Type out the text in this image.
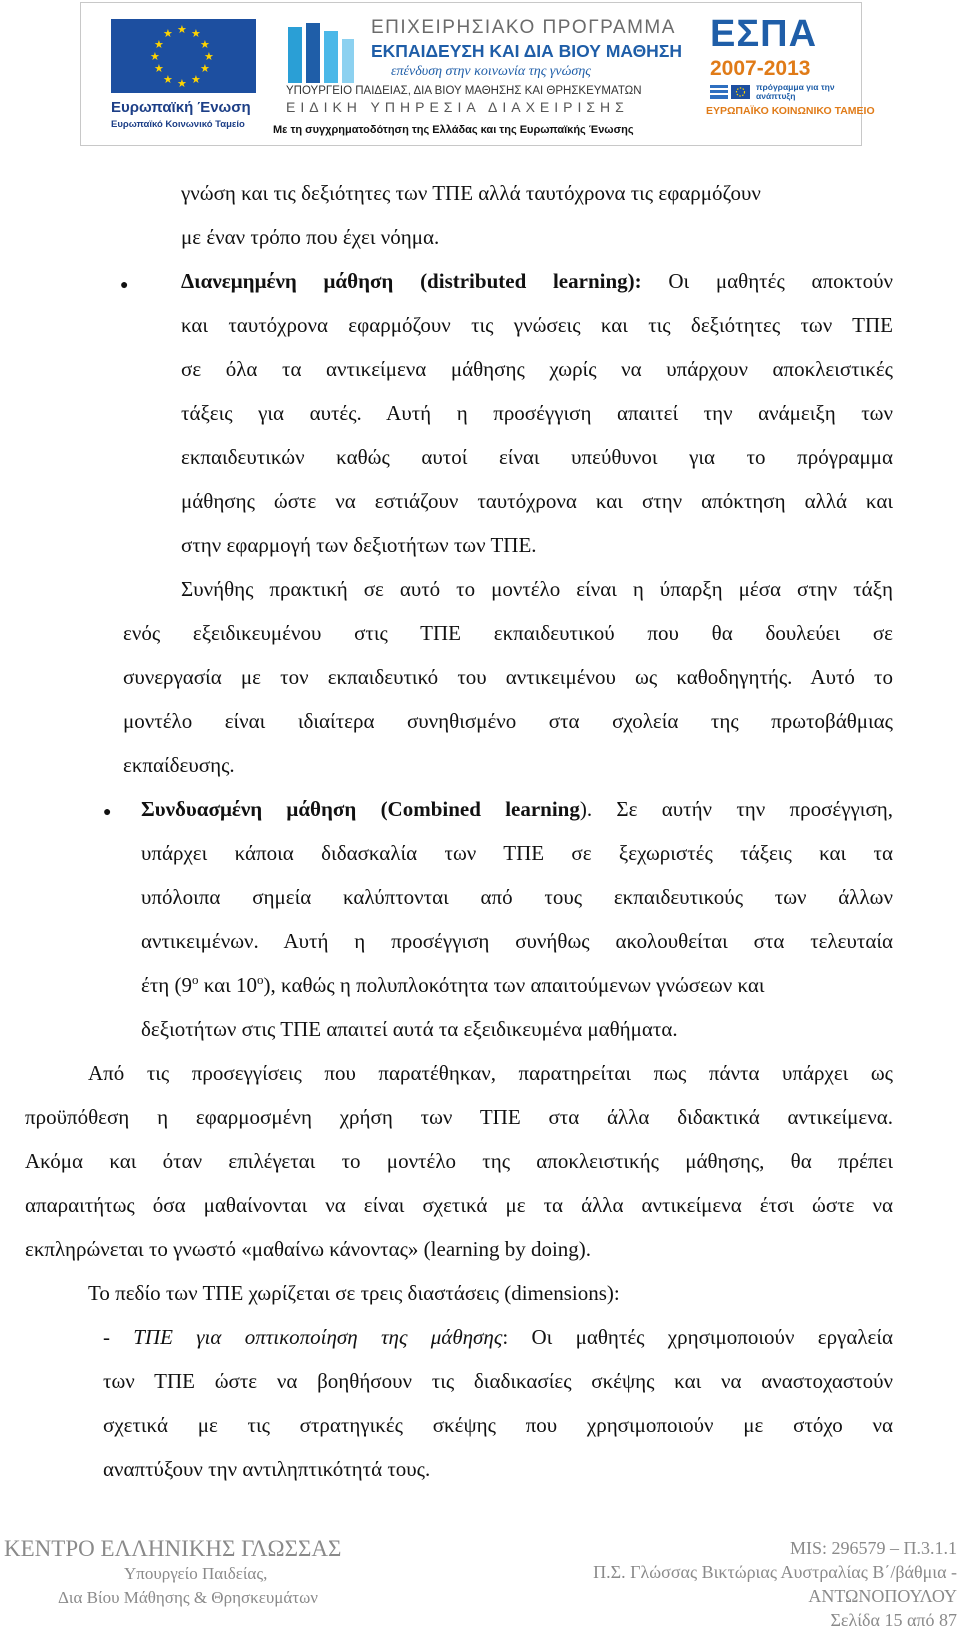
★ ★
★
★
★
★
★
★
★
★
★
★
Ευρωπαϊκή Ένωση
Ευρωπαϊκό Κοινωνικό Ταμείο
ΕΠΙΧΕΙΡΗΣΙΑΚΟ ΠΡΟΓΡΑΜΜΑ
ΕΚΠΑΙΔΕΥΣΗ ΚΑΙ ΔΙΑ ΒΙΟΥ ΜΑΘΗΣΗ
επένδυση στην κοινωνία της γνώσης
ΥΠΟΥΡΓΕΙΟ ΠΑΙΔΕΙΑΣ, ΔΙΑ ΒΙΟΥ ΜΑΘΗΣΗΣ ΚΑΙ ΘΡΗΣΚΕΥΜΑΤΩΝ
ΕΙΔΙΚΗ ΥΠΗΡΕΣΙΑ ΔΙΑΧΕΙΡΙΣΗΣ
Με τη συγχρηματοδότηση της Ελλάδας και της Ευρωπαϊκής Ένωσης
ΕΣΠΑ
2007-2013
πρόγραμμα για την ανάπτυξη
ΕΥΡΩΠΑΪΚΟ ΚΟΙΝΩΝΙΚΟ ΤΑΜΕΙΟ
γνώση και τις δεξιότητες των ΤΠΕ αλλά ταυτόχρονα τις εφαρμόζουν
με έναν τρόπο που έχει νόημα.
●	Διανεμημένη μάθηση (distributed learning): Οι μαθητές αποκτούν
και ταυτόχρονα εφαρμόζουν τις γνώσεις και τις δεξιότητες των ΤΠΕ
σε όλα τα αντικείμενα μάθησης χωρίς να υπάρχουν αποκλειστικές
τάξεις για αυτές. Αυτή η προσέγγιση απαιτεί την ανάμειξη των
εκπαιδευτικών καθώς αυτοί είναι υπεύθυνοι για το πρόγραμμα
μάθησης ώστε να εστιάζουν ταυτόχρονα και στην απόκτηση αλλά και
στην εφαρμογή των δεξιοτήτων των ΤΠΕ.
Συνήθης πρακτική σε αυτό το μοντέλο είναι η ύπαρξη μέσα στην τάξη
ενός εξειδικευμένου στις ΤΠΕ εκπαιδευτικού που θα δουλεύει σε
συνεργασία με τον εκπαιδευτικό του αντικειμένου ως καθοδηγητής. Αυτό το
μοντέλο είναι ιδιαίτερα συνηθισμένο στα σχολεία της πρωτοβάθμιας
εκπαίδευσης.
● Συνδυασμένη μάθηση (Combined learning). Σε αυτήν την προσέγγιση,
υπάρχει κάποια διδασκαλία των ΤΠΕ σε ξεχωριστές τάξεις και τα
υπόλοιπα σημεία καλύπτονται από τους εκπαιδευτικούς των άλλων
αντικειμένων. Αυτή η προσέγγιση συνήθως ακολουθείται στα τελευταία
έτη ($9^o$ και $10^o$), καθώς η πολυπλοκότητα των απαιτούμενων γνώσεων και
δεξιοτήτων στις ΤΠΕ απαιτεί αυτά τα εξειδικευμένα μαθήματα.
Από τις προσεγγίσεις που παρατέθηκαν, παρατηρείται πως πάντα υπάρχει ως
προϋπόθεση η εφαρμοσμένη χρήση των ΤΠΕ στα άλλα διδακτικά αντικείμενα.
Ακόμα και όταν επιλέγεται το μοντέλο της αποκλειστικής μάθησης, θα πρέπει
απαραιτήτως όσα μαθαίνονται να είναι σχετικά με τα άλλα αντικείμενα έτσι ώστε να
εκπληρώνεται το γνωστό «μαθαίνω κάνοντας» (learning by doing).
Το πεδίο των ΤΠΕ χωρίζεται σε τρεις διαστάσεις (dimensions):
- ΤΠΕ για οπτικοποίηση της μάθησης: Οι μαθητές χρησιμοποιούν εργαλεία
των ΤΠΕ ώστε να βοηθήσουν τις διαδικασίες σκέψης και να αναστοχαστούν
σχετικά με τις στρατηγικές σκέψης που χρησιμοποιούν με στόχο να
αναπτύξουν την αντιληπτικότητά τους.
ΚΕΝΤΡΟ ΕΛΛΗΝΙΚΗΣ ΓΛΩΣΣΑΣ
Υπουργείο Παιδείας,
Δια Βίου Μάθησης & Θρησκευμάτων
MIS: 296579 – Π.3.1.1
Π.Σ. Γλώσσας Βικτώριας Αυστραλίας Β΄/βάθμια -
ΑΝΤΩΝΟΠΟΥΛΟΥ
Σελίδα 15 από 87
